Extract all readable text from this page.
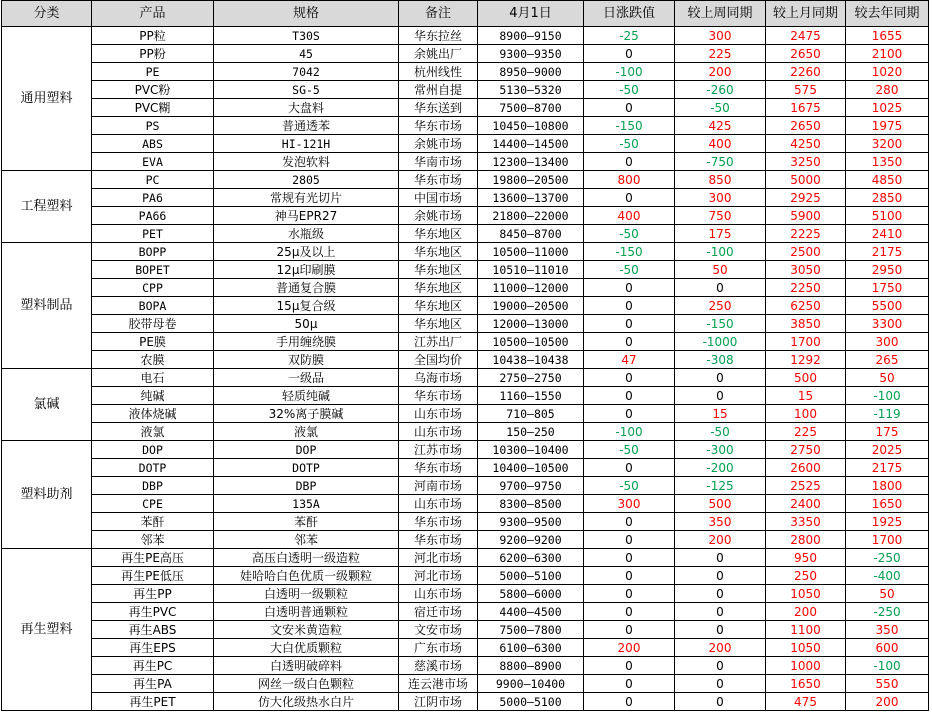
分类	产品	规格	备注	4月1日	日涨跌值	较上周同期	较上月同期	较去年同期
通用塑料	PP粒	T30S	华东拉丝	8900—9150	-25	300	2475	1655
	PP粉	45	余姚出厂	9300—9350	0	225	2650	2100
	PE	7042	杭州线性	8950—9000	-100	200	2260	1020
	PVC粉	SG-5	常州自提	5130—5320	-50	-260	575	280
	PVC糊	大盘料	华东送到	7500—8700	0	-50	1675	1025
	PS	普通透苯	华东市场	10450—10800	-150	425	2650	1975
	ABS	HI-121H	余姚市场	14400—14500	-50	400	4250	3200
	EVA	发泡软料	华南市场	12300—13400	0	-750	3250	1350
工程塑料	PC	2805	华东市场	19800—20500	800	850	5000	4850
	PA6	常规有光切片	中国市场	13600—13700	0	300	2925	2850
	PA66	神马EPR27	余姚市场	21800—22000	400	750	5900	5100
	PET	水瓶级	华东地区	8450—8700	-50	175	2225	2410
塑料制品	BOPP	25μ及以上	华东地区	10500—11000	-150	-100	2500	2175
	BOPET	12μ印刷膜	华东地区	10510—11010	-50	50	3050	2950
	CPP	普通复合膜	华东地区	11000—12000	0	0	2250	1750
	BOPA	15μ复合级	华东地区	19000—20500	0	250	6250	5500
	胶带母卷	50μ	华东地区	12000—13000	0	-150	3850	3300
	PE膜	手用缠绕膜	江苏出厂	10500—10500	0	-1000	1700	300
	农膜	双防膜	全国均价	10438—10438	47	-308	1292	265
氯碱	电石	一级品	乌海市场	2750—2750	0	0	500	50
	纯碱	轻质纯碱	华东市场	1160—1550	0	0	15	-100
	液体烧碱	32%离子膜碱	山东市场	710—805	0	15	100	-119
	液氯	液氯	山东市场	150—250	-100	-50	225	175
塑料助剂	DOP	DOP	江苏市场	10300—10400	-50	-300	2750	2025
	DOTP	DOTP	华东市场	10400—10500	0	-200	2600	2175
	DBP	DBP	河南市场	9700—9750	-50	-125	2525	1800
	CPE	135A	山东市场	8300—8500	300	500	2400	1650
	苯酐	苯酐	华东市场	9300—9500	0	350	3350	1925
	邻苯	邻苯	华东市场	9200—9200	0	200	2800	1700
再生塑料	再生PE高压	高压白透明一级造粒	河北市场	6200—6300	0	0	950	-250
	再生PE低压	娃哈哈白色优质一级颗粒	河北市场	5000—5100	0	0	250	-400
	再生PP	白透明一级颗粒	山东市场	5800—6000	0	0	1050	50
	再生PVC	白透明普通颗粒	宿迁市场	4400—4500	0	0	200	-250
	再生ABS	文安米黄造粒	文安市场	7500—7800	0	0	1100	350
	再生EPS	大白优质颗粒	广东市场	6100—6300	200	200	1050	600
	再生PC	白透明破碎料	慈溪市场	8800—8900	0	0	1000	-100
	再生PA	网丝一级白色颗粒	连云港市场	9900—10400	0	0	1650	550
	再生PET	仿大化级热水白片	江阴市场	5000—5100	0	0	475	200
